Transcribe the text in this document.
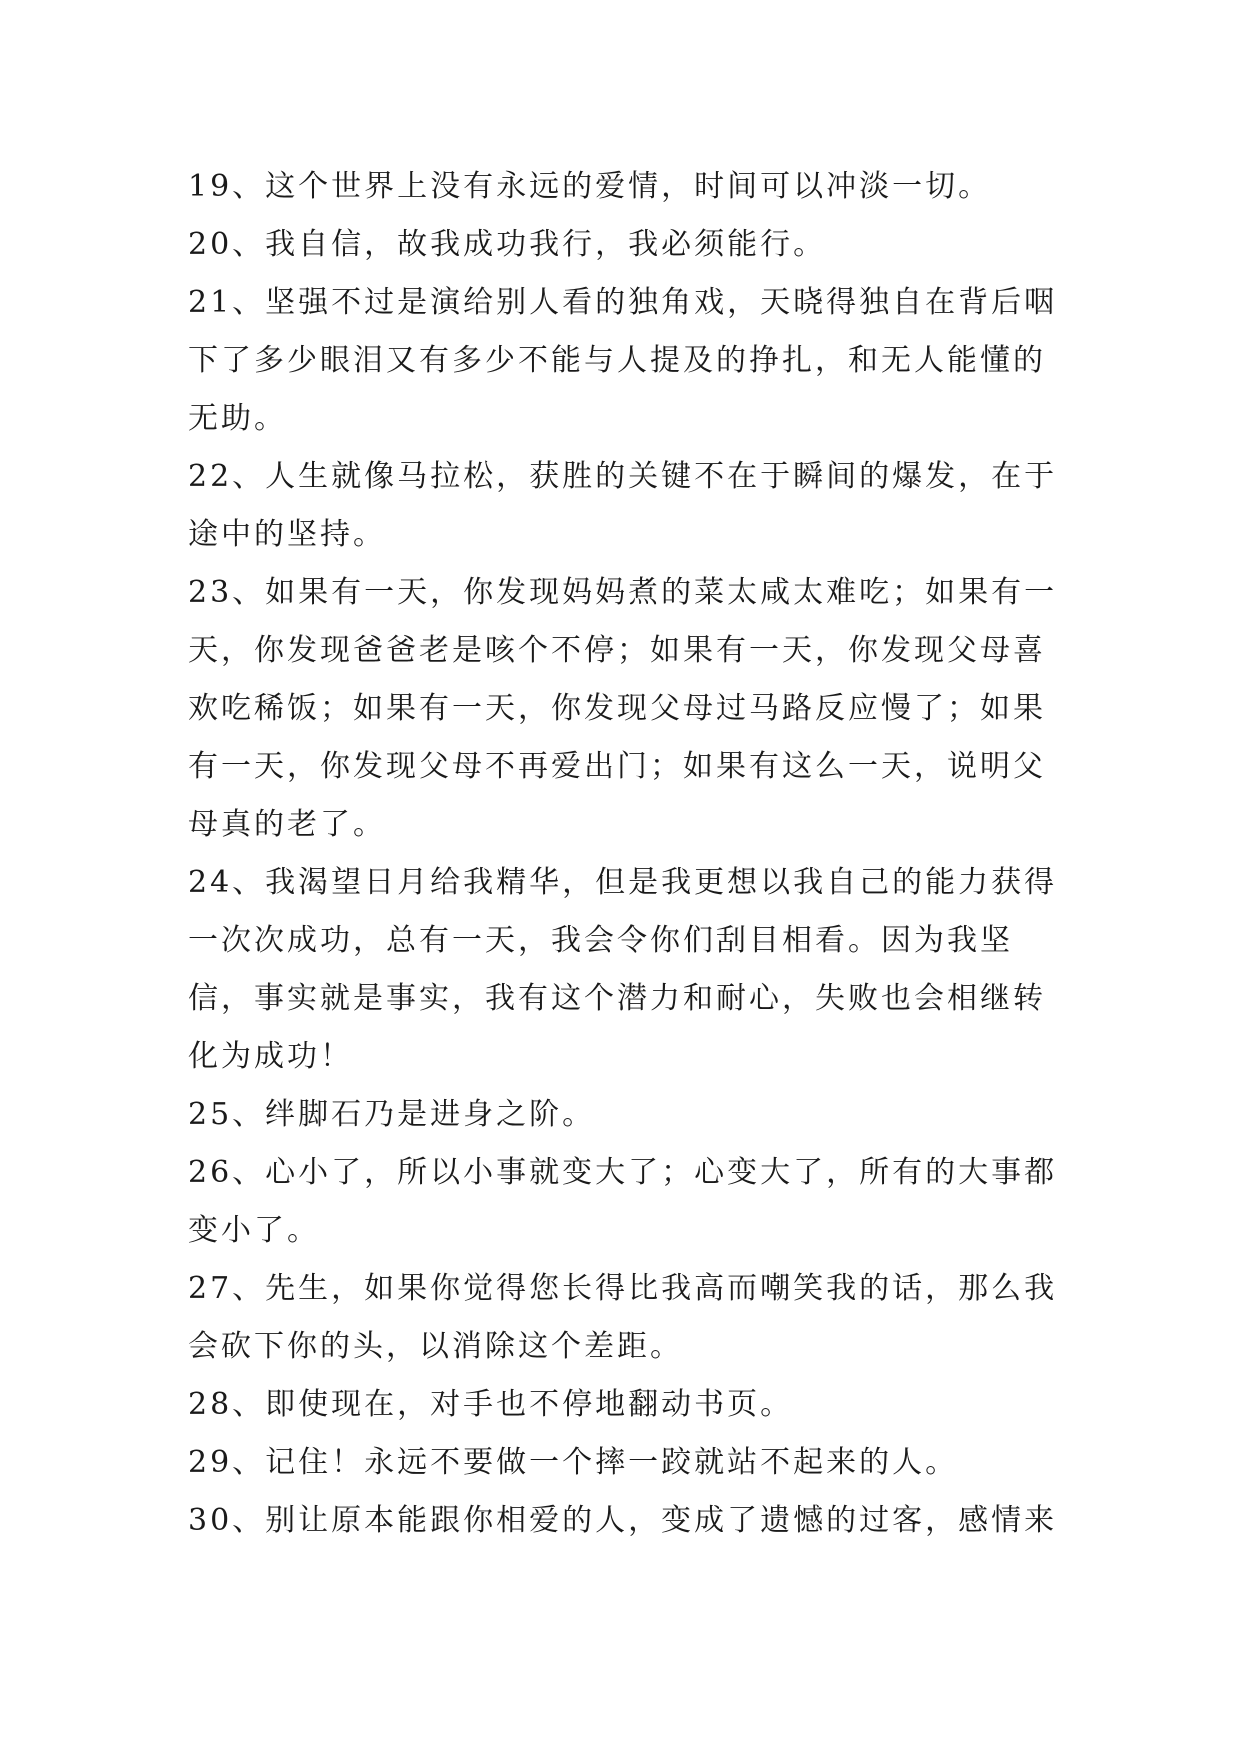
19、这个世界上没有永远的爱情，时间可以冲淡一切。

20、我自信，故我成功我行，我必须能行。

21、坚强不过是演给别人看的独角戏，天晓得独自在背后咽下了多少眼泪又有多少不能与人提及的挣扎，和无人能懂的无助。

22、人生就像马拉松，获胜的关键不在于瞬间的爆发，在于途中的坚持。

23、如果有一天，你发现妈妈煮的菜太咸太难吃；如果有一天，你发现爸爸老是咳个不停；如果有一天，你发现父母喜欢吃稀饭；如果有一天，你发现父母过马路反应慢了；如果有一天，你发现父母不再爱出门；如果有这么一天，说明父母真的老了。

24、我渴望日月给我精华，但是我更想以我自己的能力获得一次次成功，总有一天，我会令你们刮目相看。因为我坚信，事实就是事实，我有这个潜力和耐心，失败也会相继转化为成功！

25、绊脚石乃是进身之阶。

26、心小了，所以小事就变大了；心变大了，所有的大事都变小了。

27、先生，如果你觉得您长得比我高而嘲笑我的话，那么我会砍下你的头，以消除这个差距。

28、即使现在，对手也不停地翻动书页。

29、记住！永远不要做一个摔一跤就站不起来的人。

30、别让原本能跟你相爱的人，变成了遗憾的过客，感情来
